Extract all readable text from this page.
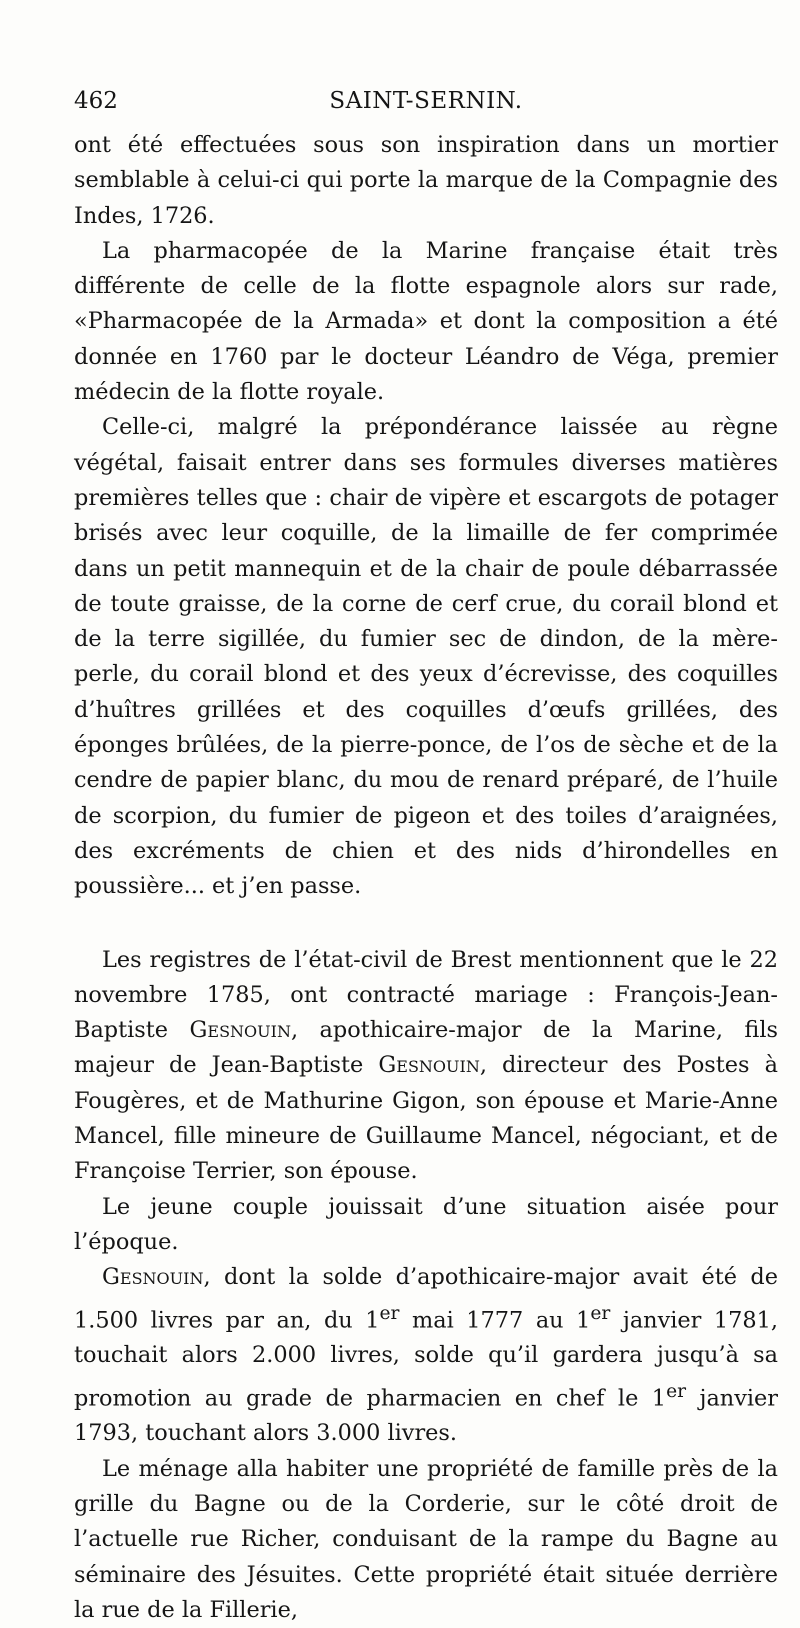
462	SAINT-SERNIN.

ont été effectuées sous son inspiration dans un mortier semblable à celui-ci qui porte la marque de la Compagnie des Indes, 1726.

La pharmacopée de la Marine française était très différente de celle de la flotte espagnole alors sur rade, «Pharmacopée de la Armada» et dont la composition a été donnée en 1760 par le docteur Léandro de Véga, premier médecin de la flotte royale.

Celle-ci, malgré la prépondérance laissée au règne végétal, faisait entrer dans ses formules diverses matières premières telles que : chair de vipère et escargots de potager brisés avec leur coquille, de la limaille de fer comprimée dans un petit mannequin et de la chair de poule débarrassée de toute graisse, de la corne de cerf crue, du corail blond et de la terre sigillée, du fumier sec de dindon, de la mère-perle, du corail blond et des yeux d’écrevisse, des coquilles d’huîtres grillées et des coquilles d’œufs grillées, des éponges brûlées, de la pierre-ponce, de l’os de sèche et de la cendre de papier blanc, du mou de renard préparé, de l’huile de scorpion, du fumier de pigeon et des toiles d’araignées, des excréments de chien et des nids d’hirondelles en poussière... et j’en passe.

Les registres de l’état-civil de Brest mentionnent que le 22 novembre 1785, ont contracté mariage : François-Jean-Baptiste Gesnouin, apothicaire-major de la Marine, fils majeur de Jean-Baptiste Gesnouin, directeur des Postes à Fougères, et de Mathurine Gigon, son épouse et Marie-Anne Mancel, fille mineure de Guillaume Mancel, négociant, et de Françoise Terrier, son épouse.

Le jeune couple jouissait d’une situation aisée pour l’époque.

Gesnouin, dont la solde d’apothicaire-major avait été de 1.500 livres par an, du 1er mai 1777 au 1er janvier 1781, touchait alors 2.000 livres, solde qu’il gardera jusqu’à sa promotion au grade de pharmacien en chef le 1er janvier 1793, touchant alors 3.000 livres.

Le ménage alla habiter une propriété de famille près de la grille du Bagne ou de la Corderie, sur le côté droit de l’actuelle rue Richer, conduisant de la rampe du Bagne au séminaire des Jésuites. Cette propriété était située derrière la rue de la Fillerie,
